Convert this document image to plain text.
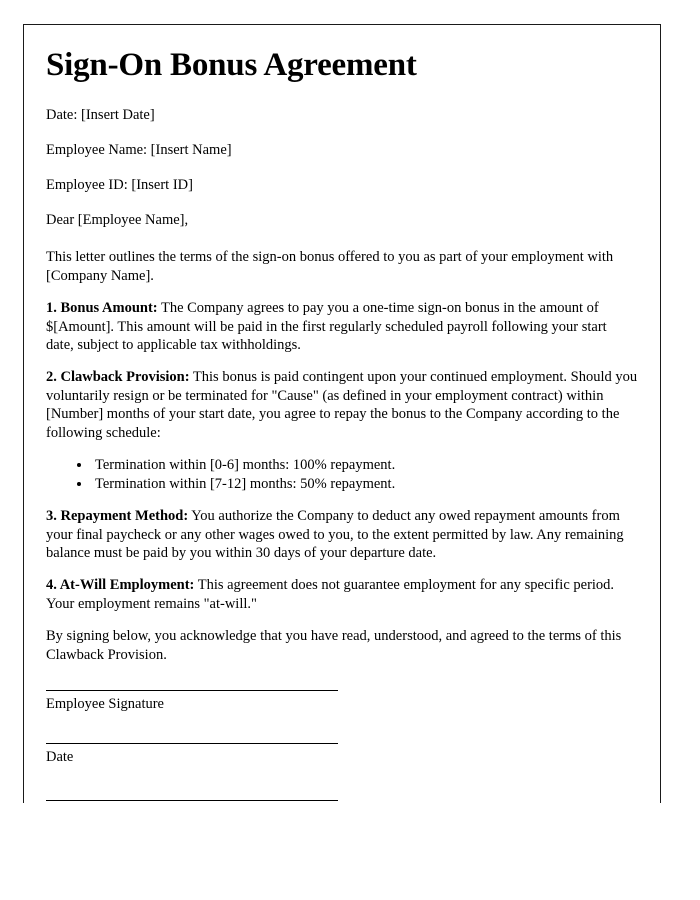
Sign-On Bonus Agreement

Date: [Insert Date]

Employee Name: [Insert Name]

Employee ID: [Insert ID]

Dear [Employee Name],

This letter outlines the terms of the sign-on bonus offered to you as part of your employment with [Company Name].

1. Bonus Amount: The Company agrees to pay you a one-time sign-on bonus in the amount of $[Amount]. This amount will be paid in the first regularly scheduled payroll following your start date, subject to applicable tax withholdings.

2. Clawback Provision: This bonus is paid contingent upon your continued employment. Should you voluntarily resign or be terminated for "Cause" (as defined in your employment contract) within [Number] months of your start date, you agree to repay the bonus to the Company according to the following schedule:

• Termination within [0-6] months: 100% repayment.
• Termination within [7-12] months: 50% repayment.

3. Repayment Method: You authorize the Company to deduct any owed repayment amounts from your final paycheck or any other wages owed to you, to the extent permitted by law. Any remaining balance must be paid by you within 30 days of your departure date.

4. At-Will Employment: This agreement does not guarantee employment for any specific period. Your employment remains "at-will."

By signing below, you acknowledge that you have read, understood, and agreed to the terms of this Clawback Provision.

Employee Signature

Date
